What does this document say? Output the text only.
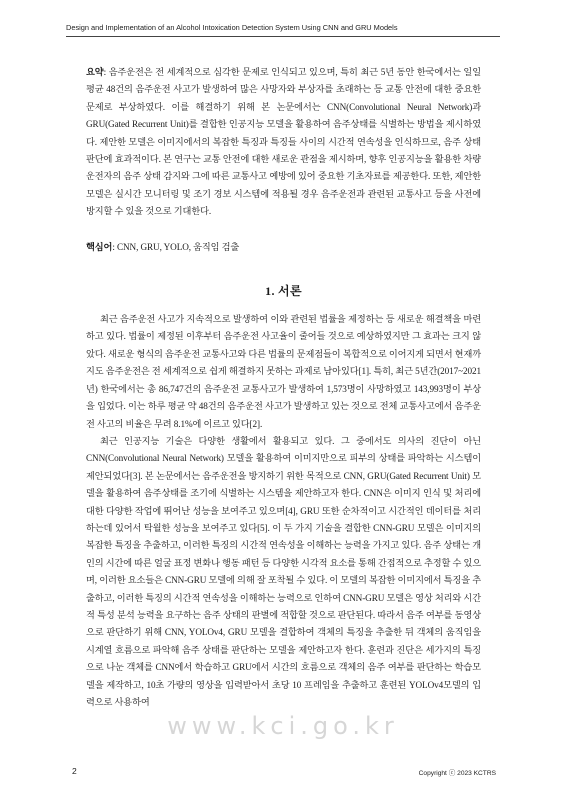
Design and Implementation of an Alcohol Intoxication Detection System Using CNN and GRU Models

요약: 음주운전은 전 세계적으로 심각한 문제로 인식되고 있으며, 특히 최근 5년 동안 한국에서는 일일 평균 48건의 음주운전 사고가 발생하여 많은 사망자와 부상자를 초래하는 등 교통 안전에 대한 중요한 문제로 부상하였다. 이를 해결하기 위해 본 논문에서는 CNN(Convolutional Neural Network)과 GRU(Gated Recurrent Unit)를 결합한 인공지능 모델을 활용하여 음주상태를 식별하는 방법을 제시하였다. 제안한 모델은 이미지에서의 복잡한 특징과 특징들 사이의 시간적 연속성을 인식하므로, 음주 상태 판단에 효과적이다. 본 연구는 교통 안전에 대한 새로운 관점을 제시하며, 향후 인공지능을 활용한 차량 운전자의 음주 상태 감지와 그에 따른 교통사고 예방에 있어 중요한 기초자료를 제공한다. 또한, 제안한 모델은 실시간 모니터링 및 조기 경보 시스템에 적용될 경우 음주운전과 관련된 교통사고 등을 사전에 방지할 수 있을 것으로 기대한다.

핵심어: CNN, GRU, YOLO, 움직임 검출

1. 서론

최근 음주운전 사고가 지속적으로 발생하여 이와 관련된 법률을 제정하는 등 새로운 해결책을 마련하고 있다. 법률이 제정된 이후부터 음주운전 사고율이 줄어들 것으로 예상하였지만 그 효과는 크지 않았다. 새로운 형식의 음주운전 교통사고와 다른 법률의 문제점들이 복합적으로 이어지게 되면서 현재까지도 음주운전은 전 세계적으로 쉽게 해결하지 못하는 과제로 남아있다[1]. 특히, 최근 5년간(2017~2021년) 한국에서는 총 86,747건의 음주운전 교통사고가 발생하여 1,573명이 사망하였고 143,993명이 부상을 입었다. 이는 하루 평균 약 48건의 음주운전 사고가 발생하고 있는 것으로 전체 교통사고에서 음주운전 사고의 비율은 무려 8.1%에 이르고 있다[2].

최근 인공지능 기술은 다양한 생활에서 활용되고 있다. 그 중에서도 의사의 진단이 아닌 CNN(Convolutional Neural Network) 모델을 활용하여 이미지만으로 피부의 상태를 파악하는 시스템이 제안되었다[3]. 본 논문에서는 음주운전을 방지하기 위한 목적으로 CNN, GRU(Gated Recurrent Unit) 모델을 활용하여 음주상태를 조기에 식별하는 시스템을 제안하고자 한다. CNN은 이미지 인식 및 처리에 대한 다양한 작업에 뛰어난 성능을 보여주고 있으며[4], GRU 또한 순차적이고 시간적인 데이터를 처리하는데 있어서 탁월한 성능을 보여주고 있다[5]. 이 두 가지 기술을 결합한 CNN-GRU 모델은 이미지의 복잡한 특징을 추출하고, 이러한 특징의 시간적 연속성을 이해하는 능력을 가지고 있다. 음주 상태는 개인의 시간에 따른 얼굴 표정 변화나 행동 패턴 등 다양한 시각적 요소를 통해 간접적으로 추정할 수 있으며, 이러한 요소들은 CNN-GRU 모델에 의해 잘 포착될 수 있다. 이 모델의 복잡한 이미지에서 특징을 추출하고, 이러한 특징의 시간적 연속성을 이해하는 능력으로 인하여 CNN-GRU 모델은 영상 처리와 시간적 특성 분석 능력을 요구하는 음주 상태의 판별에 적합할 것으로 판단된다. 따라서 음주 여부를 동영상으로 판단하기 위해 CNN, YOLOv4, GRU 모델을 결합하여 객체의 특징을 추출한 뒤 객체의 움직임을 시계열 흐름으로 파악해 음주 상태를 판단하는 모델을 제안하고자 한다. 훈련과 진단은 세가지의 특징으로 나눈 객체를 CNN에서 학습하고 GRU에서 시간의 흐름으로 객체의 음주 여부를 판단하는 학습모델을 제작하고, 10초 가량의 영상을 입력받아서 초당 10 프레임을 추출하고 훈련된 YOLOv4모델의 입력으로 사용하여

www.kci.go.kr
2	Copyright ⓒ 2023 KCTRS
